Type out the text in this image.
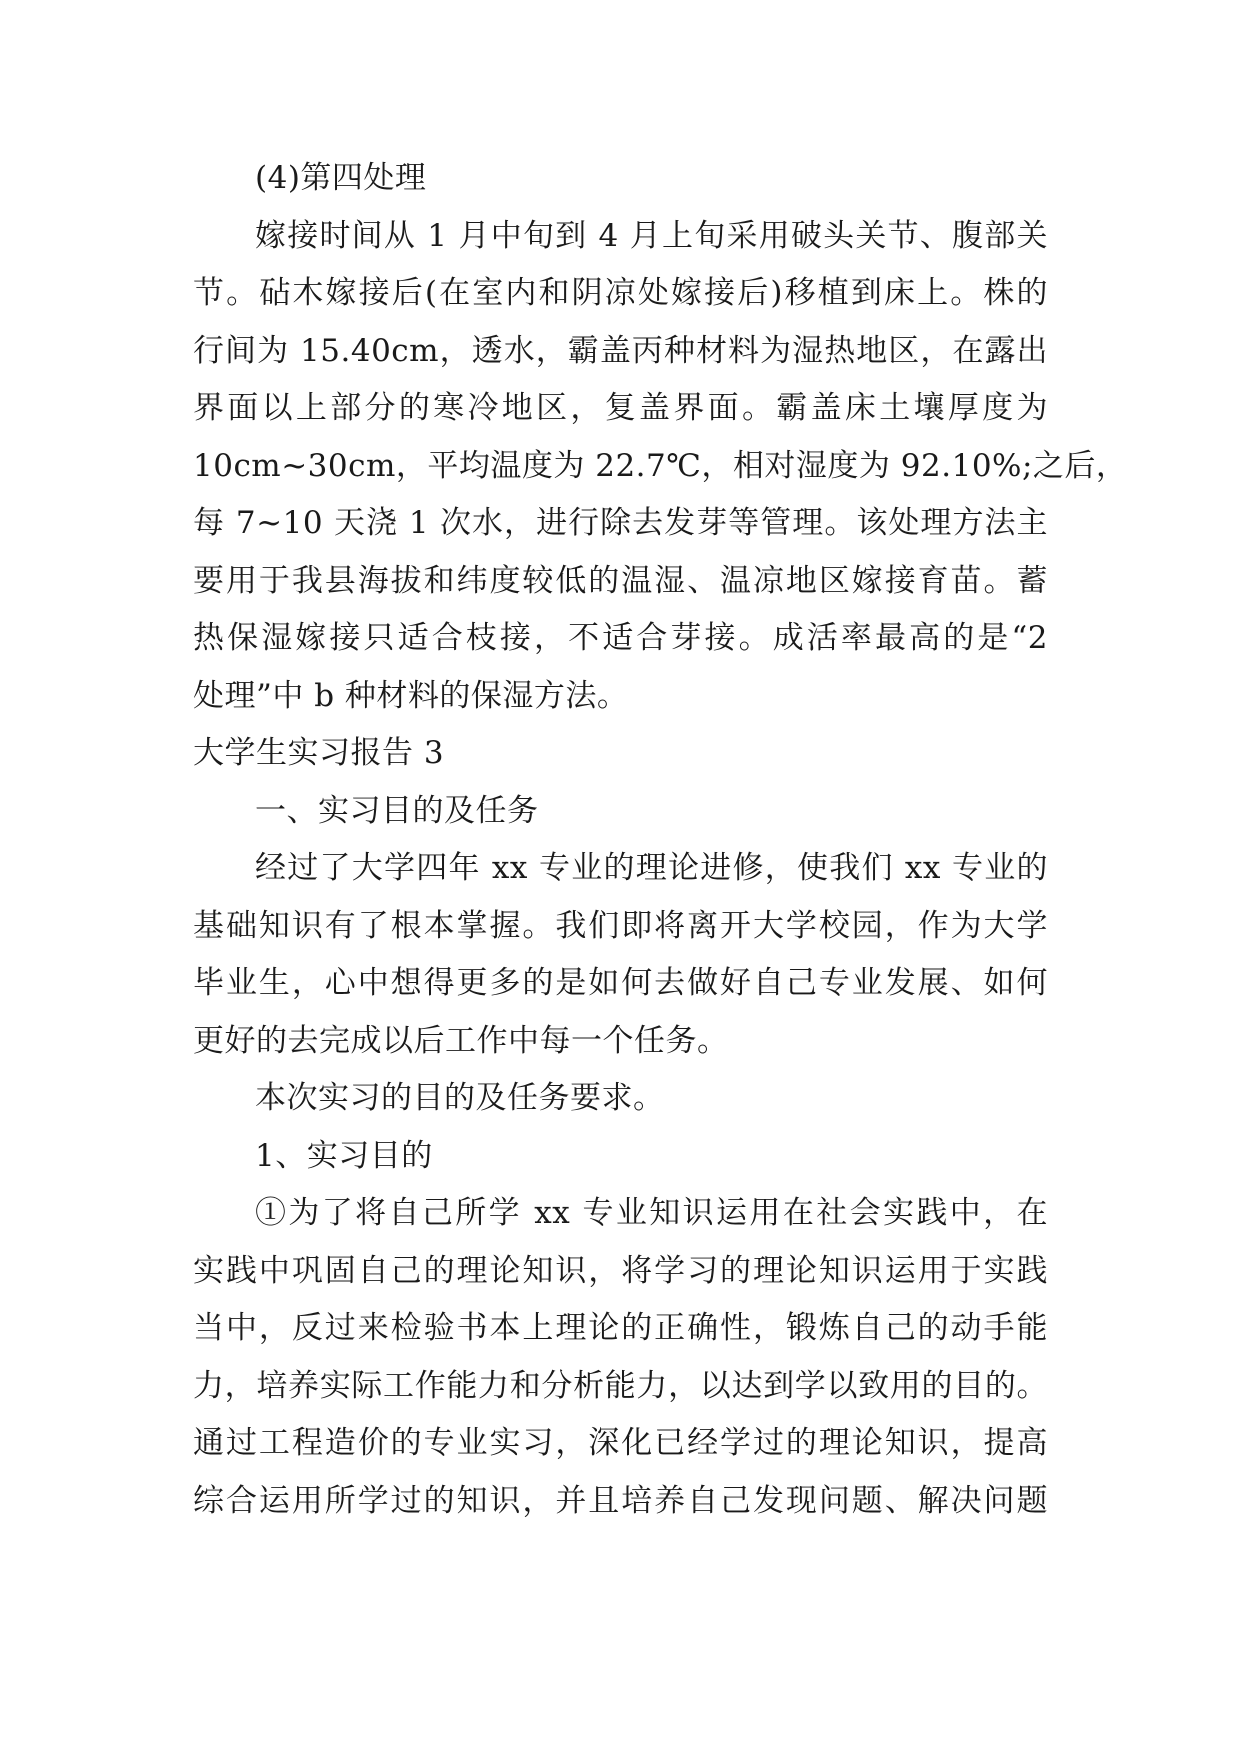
(4)第四处理
嫁接时间从 1 月中旬到 4 月上旬采用破头关节、腹部关
节。砧木嫁接后(在室内和阴凉处嫁接后)移植到床上。株的
行间为 15.40cm，透水，霸盖丙种材料为湿热地区，在露出
界面以上部分的寒冷地区，复盖界面。霸盖床土壤厚度为
10cm~30cm，平均温度为 22.7℃，相对湿度为 92.10%;之后，
每 7~10 天浇 1 次水，进行除去发芽等管理。该处理方法主
要用于我县海拔和纬度较低的温湿、温凉地区嫁接育苗。蓄
热保湿嫁接只适合枝接，不适合芽接。成活率最高的是“2
处理”中 b 种材料的保湿方法。
大学生实习报告 3
一、实习目的及任务
经过了大学四年 xx 专业的理论进修，使我们 xx 专业的
基础知识有了根本掌握。我们即将离开大学校园，作为大学
毕业生，心中想得更多的是如何去做好自己专业发展、如何
更好的去完成以后工作中每一个任务。
本次实习的目的及任务要求。
1、实习目的
①为了将自己所学 xx 专业知识运用在社会实践中，在
实践中巩固自己的理论知识，将学习的理论知识运用于实践
当中，反过来检验书本上理论的正确性，锻炼自己的动手能
力，培养实际工作能力和分析能力，以达到学以致用的目的。
通过工程造价的专业实习，深化已经学过的理论知识，提高
综合运用所学过的知识，并且培养自己发现问题、解决问题
